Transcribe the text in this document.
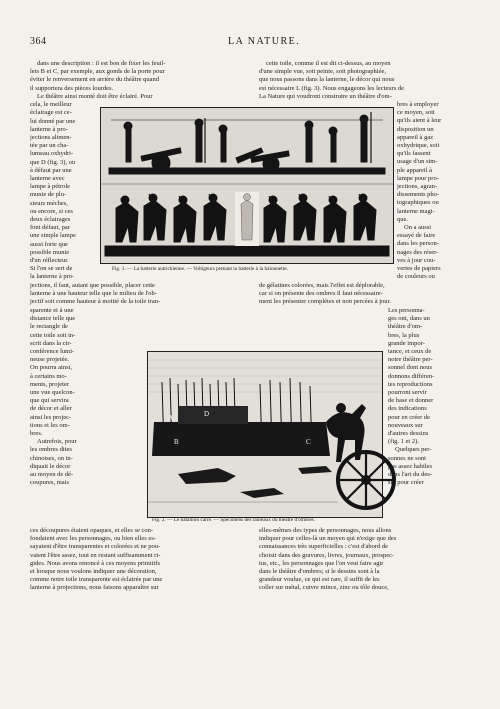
364	LA NATURE.
dans une description : il est bon de fixer les feuil-
lets B et C, par exemple, aux gonds de la porte pour
éviter le renversement en arrière du théâtre quand
il supportera des pièces lourdes.
Le théâtre ainsi monté doit être éclairé. Pour
cela, le meilleur
éclairage est ce-
lui donné par une
lanterne à pro-
jections alimen-
tée par un cha-
lumeau oxhydri-
que D (fig. 3), ou
à défaut par une
lanterne avec
lampe à pétrole
munie de plu-
sieurs mèches,
ou encore, si ces
deux éclairages
font défaut, par
une simple lampe
aussi forte que
possible munie
d'un réflecteur.
Si l'on se sert de
la lanterne à pro-
jections, il faut, autant que possible, placer cette
lanterne à une hauteur telle que le milieu de l'ob-
jectif soit comme hauteur à moitié de la toile tran-
sparente et à une
distance telle que
le rectangle de
cette toile soit in-
scrit dans la cir-
conférence lumi-
neuse projetée.
On pourra ainsi,
à certains mo-
ments, projeter
une vue quelcon-
que qui servira
de décor et aller
ainsi les projec-
tions et les om-
bres.
Autrefois, pour
les ombres dites
chinoises, on in-
diquait le décor
au moyen de dé-
coupures, mais
ces découpures étaient opaques, et elles se con-
fondaient avec les personnages, ou bien elles es-
sayaient d'être transparentes et colorées et ne pou-
vaient l'être assez, tout en restant suffisamment ri-
gides. Nous avons renoncé à ces moyens primitifs
et lorsque nous voulons indiquer une décoration,
comme notre toile transparente est éclairée par une
lanterne à projections, nous faisons apparaître sur
cette toile, comme il est dit ci-dessus, au moyen
d'une simple vue, soit peinte, soit photographiée,
que nous passons dans la lanterne, le décor qui nous
est nécessaire L (fig. 3). Nous engageons les lecteurs de
La Nature qui voudront construire un théâtre d'om-
bres à employer
ce moyen, soit
qu'ils aient à leur
disposition un
appareil à gaz
oxhydrique, soit
qu'ils fassent
usage d'un sim-
ple appareil à
lampe pour pro-
jections, agran-
dissements pho-
tographiques ou
lanterne magi-
que.
On a aussi
essayé de faire
dans les person-
nages des réser-
ves à jour cou-
vertes de papiers
de couleurs ou
de gélatines colorées, mais l'effet est déplorable,
car si on présente des ombres il faut nécessaire-
ment les présenter complètes et non percées à jour.
Les personna-
ges ont, dans un
théâtre d'om-
bres, la plus
grande impor-
tance, et ceux de
notre théâtre per-
sonnel dont nous
donnons différen-
tes reproductions
pourront servir
de base et donner
des indications
pour en créer de
nouveaux sur
d'autres dessins
(fig. 1 et 2).
Quelques per-
sonnes ne sont
pas assez habiles
dans l'art du des-
sin pour créer
elles-mêmes des types de personnages, nous allons
indiquer pour celles-là un moyen qui n'exige que des
connaissances très superficielles : c'est d'abord de
choisir dans des gravures, livres, journaux, prospec-
tus, etc., les personnages que l'on veut faire agir
dans le théâtre d'ombres; si le dessins sont à la
grandeur voulue, ce qui est rare, il suffit de les
coller sur métal, cuivre mince, zinc ou tôle douce,
Fig. 1. — La batterie autrichienne. — Voltigeurs prenant la batterie à la baïonnette.
A
B	C
D
Fig. 2. — Le bataillon carré. — Spécimens des tableaux du théâtre d'ombres.
